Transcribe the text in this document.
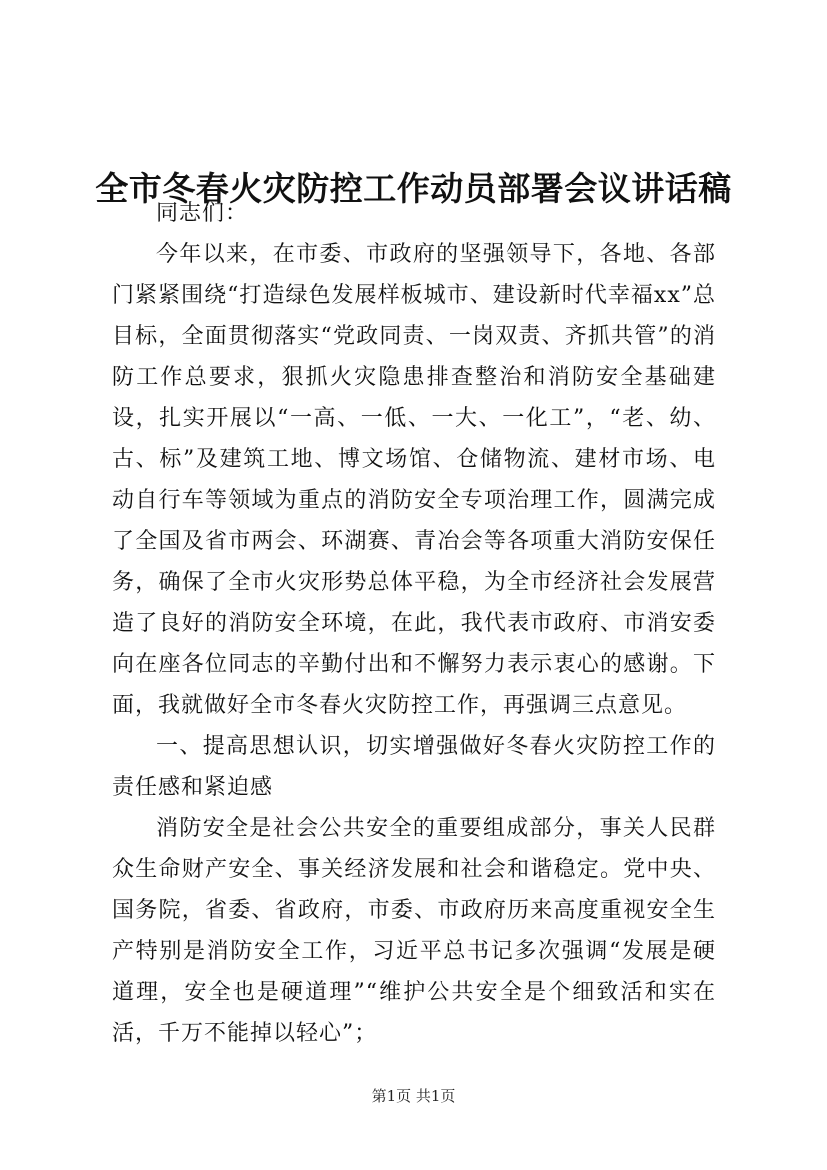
全市冬春火灾防控工作动员部署会议讲话稿

同志们：

今年以来，在市委、市政府的坚强领导下，各地、各部门紧紧围绕“打造绿色发展样板城市、建设新时代幸福xx”总目标，全面贯彻落实“党政同责、一岗双责、齐抓共管”的消防工作总要求，狠抓火灾隐患排查整治和消防安全基础建设，扎实开展以“一高、一低、一大、一化工”，“老、幼、古、标”及建筑工地、博文场馆、仓储物流、建材市场、电动自行车等领域为重点的消防安全专项治理工作，圆满完成了全国及省市两会、环湖赛、青冶会等各项重大消防安保任务，确保了全市火灾形势总体平稳，为全市经济社会发展营造了良好的消防安全环境，在此，我代表市政府、市消安委向在座各位同志的辛勤付出和不懈努力表示衷心的感谢。下面，我就做好全市冬春火灾防控工作，再强调三点意见。

一、提高思想认识，切实增强做好冬春火灾防控工作的责任感和紧迫感

消防安全是社会公共安全的重要组成部分，事关人民群众生命财产安全、事关经济发展和社会和谐稳定。党中央、国务院，省委、省政府，市委、市政府历来高度重视安全生产特别是消防安全工作，习近平总书记多次强调“发展是硬道理，安全也是硬道理”“维护公共安全是个细致活和实在活，千万不能掉以轻心”；

第1页 共1页
